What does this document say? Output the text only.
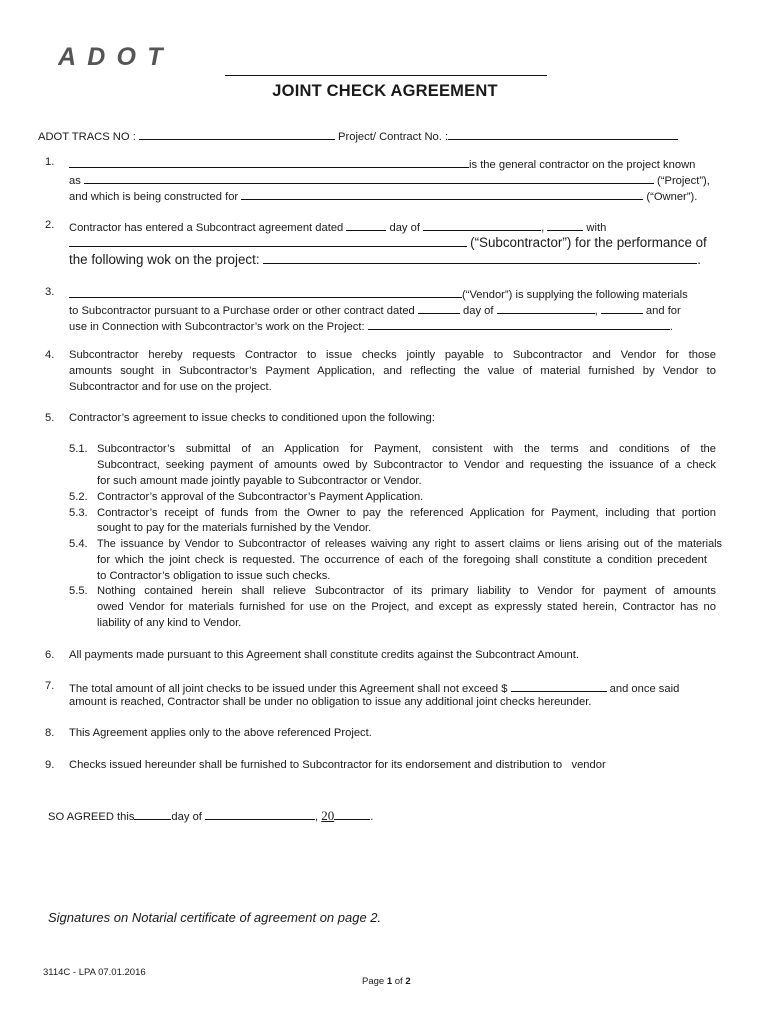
ADOT
JOINT CHECK AGREEMENT
ADOT TRACS NO :	Project/ Contract No. :
1.	is the general contractor on the project known
as	(“Project”),
and which is being constructed for	(“Owner”).
2. Contractor has entered a Subcontract agreement dated	day of	,	with
(“Subcontractor”) for the performance of
the following wok on the project:	.
3.	(“Vendor”) is supplying the following materials
to Subcontractor pursuant to a Purchase order or other contract dated	day of	,	and for
use in Connection with Subcontractor’s work on the Project:	.
4. Subcontractor hereby requests Contractor to issue checks jointly payable to Subcontractor and Vendor for those
amounts sought in Subcontractor’s Payment Application, and reflecting the value of material furnished by Vendor to
Subcontractor and for use on the project.
5. Contractor’s agreement to issue checks to conditioned upon the following:
5.1. Subcontractor’s submittal of an Application for Payment, consistent with the terms and conditions of the
Subcontract, seeking payment of amounts owed by Subcontractor to Vendor and requesting the issuance of a check
for such amount made jointly payable to Subcontractor or Vendor.
5.2. Contractor’s approval of the Subcontractor’s Payment Application.
5.3. Contractor’s receipt of funds from the Owner to pay the referenced Application for Payment, including that portion
sought to pay for the materials furnished by the Vendor.
5.4. The issuance by Vendor to Subcontractor of releases waiving any right to assert claims or liens arising out of the materials
for which the joint check is requested. The occurrence of each of the foregoing shall constitute a condition precedent
to Contractor’s obligation to issue such checks.
5.5. Nothing contained herein shall relieve Subcontractor of its primary liability to Vendor for payment of amounts
owed Vendor for materials furnished for use on the Project, and except as expressly stated herein, Contractor has no
liability of any kind to Vendor.
6. All payments made pursuant to this Agreement shall constitute credits against the Subcontract Amount.
7. The total amount of all joint checks to be issued under this Agreement shall not exceed $	and once said
amount is reached, Contractor shall be under no obligation to issue any additional joint checks hereunder.
8. This Agreement applies only to the above referenced Project.
9. Checks issued hereunder shall be furnished to Subcontractor for its endorsement and distribution to   vendor
SO AGREED this	day of	, 20	.
Signatures on Notarial certificate of agreement on page 2.
3114C - LPA 07.01.2016
Page 1 of 2
